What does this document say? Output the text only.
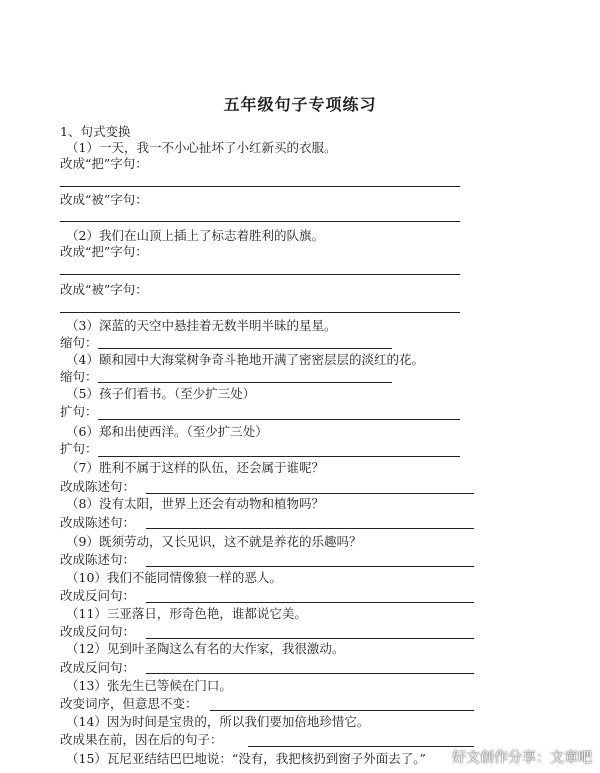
五年级句子专项练习
1、句式变换
（1）一天，我一不小心扯坏了小红新买的衣服。
改成“把”字句：
改成“被”字句：
（2）我们在山顶上插上了标志着胜利的队旗。
改成“把”字句：
改成“被”字句：
（3）深蓝的天空中悬挂着无数半明半昧的星星。
缩句：
（4）颐和园中大海棠树争奇斗艳地开满了密密层层的淡红的花。
缩句：
（5）孩子们看书。（至少扩三处）
扩句：
（6）郑和出使西洋。（至少扩三处）
扩句：
（7）胜利不属于这样的队伍，还会属于谁呢？
改成陈述句：
（8）没有太阳，世界上还会有动物和植物吗？
改成陈述句：
（9）既须劳动，又长见识，这不就是养花的乐趣吗？
改成陈述句：
（10）我们不能同情像狼一样的恶人。
改成反问句：
（11）三亚落日，形奇色艳，谁都说它美。
改成反问句：
（12）见到叶圣陶这么有名的大作家，我很激动。
改成反问句：
（13）张先生已等候在门口。
改变词序，但意思不变：
（14）因为时间是宝贵的，所以我们要加倍地珍惜它。
改成果在前，因在后的句子：
（15）瓦尼亚结结巴巴地说：“没有，我把核扔到窗子外面去了。” 好文创作分享：文章吧
